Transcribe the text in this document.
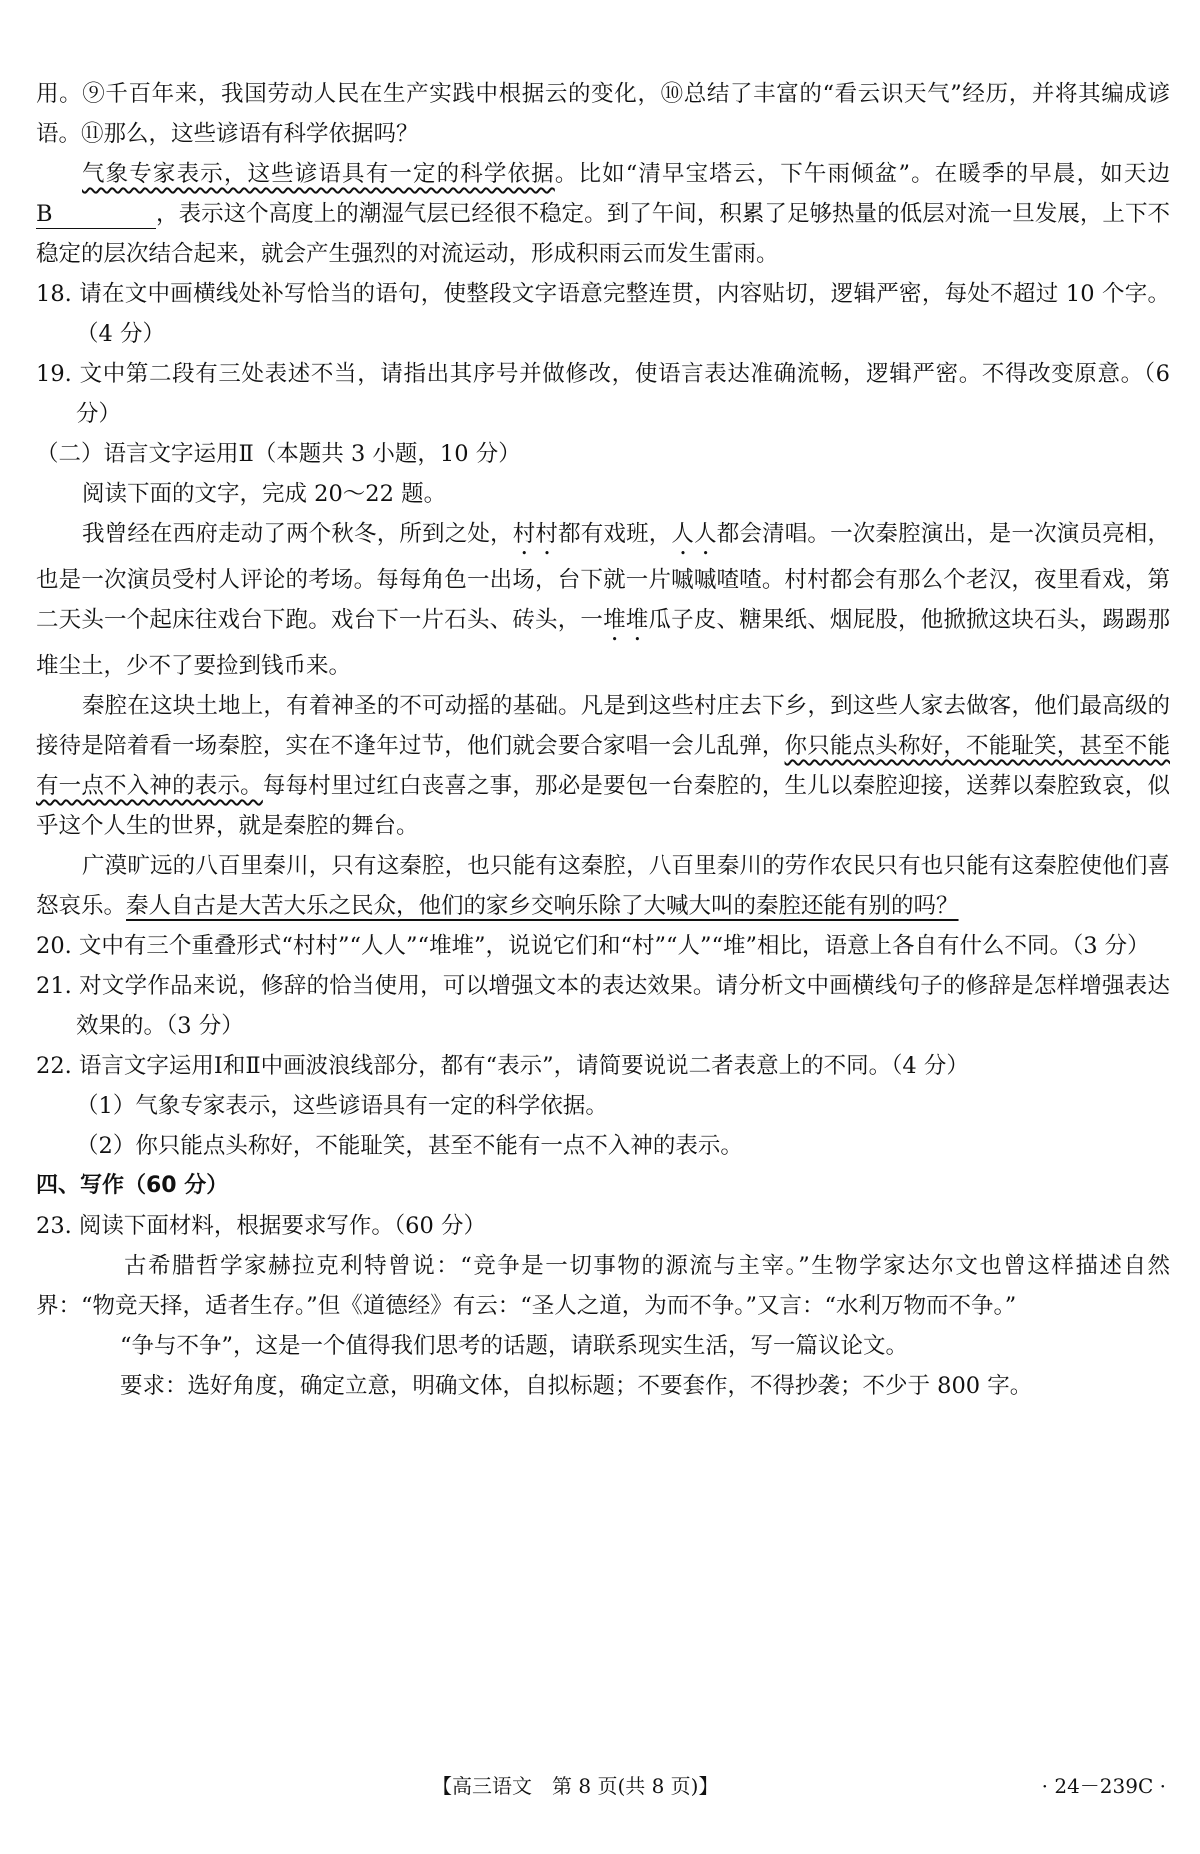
用。⑨千百年来，我国劳动人民在生产实践中根据云的变化，⑩总结了丰富的“看云识天气”经历，并将其编成谚语。⑪那么，这些谚语有科学依据吗？

气象专家表示，这些谚语具有一定的科学依据。比如“清早宝塔云，下午雨倾盆”。在暖季的早晨，如天边B	，表示这个高度上的潮湿气层已经很不稳定。到了午间，积累了足够热量的低层对流一旦发展，上下不稳定的层次结合起来，就会产生强烈的对流运动，形成积雨云而发生雷雨。

18. 请在文中画横线处补写恰当的语句，使整段文字语意完整连贯，内容贴切，逻辑严密，每处不超过 10 个字。（4 分）

19. 文中第二段有三处表述不当，请指出其序号并做修改，使语言表达准确流畅，逻辑严密。不得改变原意。（6 分）

（二）语言文字运用Ⅱ（本题共 3 小题，10 分）

阅读下面的文字，完成 20～22 题。

我曾经在西府走动了两个秋冬，所到之处，村村都有戏班，人人都会清唱。一次秦腔演出，是一次演员亮相，也是一次演员受村人评论的考场。每每角色一出场，台下就一片嘁嘁喳喳。村村都会有那么个老汉，夜里看戏，第二天头一个起床往戏台下跑。戏台下一片石头、砖头，一堆堆瓜子皮、糖果纸、烟屁股，他掀掀这块石头，踢踢那堆尘土，少不了要捡到钱币来。

秦腔在这块土地上，有着神圣的不可动摇的基础。凡是到这些村庄去下乡，到这些人家去做客，他们最高级的接待是陪着看一场秦腔，实在不逢年过节，他们就会要合家唱一会儿乱弹，你只能点头称好，不能耻笑，甚至不能有一点不入神的表示。每每村里过红白丧喜之事，那必是要包一台秦腔的，生儿以秦腔迎接，送葬以秦腔致哀，似乎这个人生的世界，就是秦腔的舞台。

广漠旷远的八百里秦川，只有这秦腔，也只能有这秦腔，八百里秦川的劳作农民只有也只能有这秦腔使他们喜怒哀乐。秦人自古是大苦大乐之民众，他们的家乡交响乐除了大喊大叫的秦腔还能有别的吗？

20. 文中有三个重叠形式“村村”“人人”“堆堆”，说说它们和“村”“人”“堆”相比，语意上各自有什么不同。（3 分）

21. 对文学作品来说，修辞的恰当使用，可以增强文本的表达效果。请分析文中画横线句子的修辞是怎样增强表达效果的。（3 分）

22. 语言文字运用Ⅰ和Ⅱ中画波浪线部分，都有“表示”，请简要说说二者表意上的不同。（4 分）

（1）气象专家表示，这些谚语具有一定的科学依据。

（2）你只能点头称好，不能耻笑，甚至不能有一点不入神的表示。

四、写作（60 分）

23. 阅读下面材料，根据要求写作。（60 分）

古希腊哲学家赫拉克利特曾说：“竞争是一切事物的源流与主宰。”生物学家达尔文也曾这样描述自然界：“物竞天择，适者生存。”但《道德经》有云：“圣人之道，为而不争。”又言：“水利万物而不争。”

“争与不争”，这是一个值得我们思考的话题，请联系现实生活，写一篇议论文。

要求：选好角度，确定立意，明确文体，自拟标题；不要套作，不得抄袭；不少于 800 字。

【高三语文　第 8 页(共 8 页)】	· 24－239C ·
